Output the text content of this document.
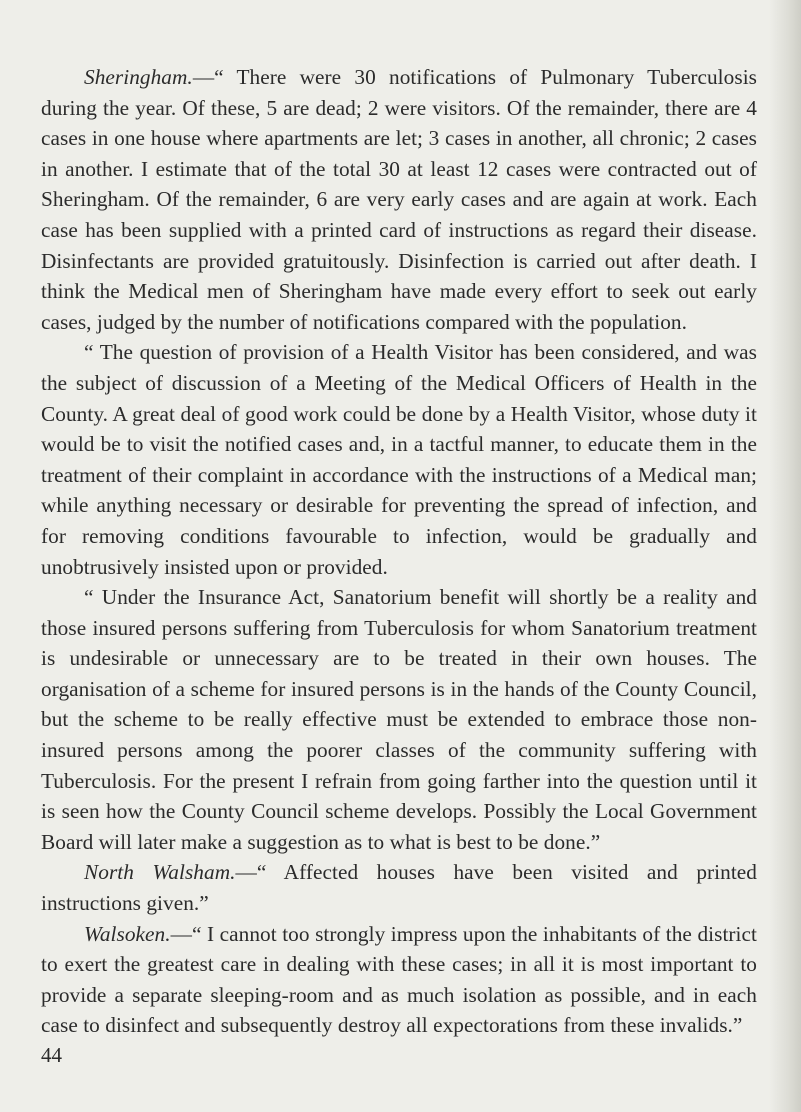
Sheringham.—“ There were 30 notifications of Pulmonary Tuberculosis during the year. Of these, 5 are dead; 2 were visitors. Of the remainder, there are 4 cases in one house where apartments are let; 3 cases in another, all chronic; 2 cases in another. I estimate that of the total 30 at least 12 cases were contracted out of Sheringham. Of the remainder, 6 are very early cases and are again at work. Each case has been supplied with a printed card of instructions as regard their disease. Disinfectants are provided gratuitously. Disinfection is carried out after death. I think the Medical men of Sheringham have made every effort to seek out early cases, judged by the number of notifications compared with the population.

“ The question of provision of a Health Visitor has been considered, and was the subject of discussion of a Meeting of the Medical Officers of Health in the County. A great deal of good work could be done by a Health Visitor, whose duty it would be to visit the notified cases and, in a tactful manner, to educate them in the treatment of their complaint in accordance with the instructions of a Medical man; while anything necessary or desirable for preventing the spread of infection, and for removing conditions favourable to infection, would be gradually and unobtrusively insisted upon or provided.

“ Under the Insurance Act, Sanatorium benefit will shortly be a reality and those insured persons suffering from Tuberculosis for whom Sanatorium treatment is undesirable or unnecessary are to be treated in their own houses. The organisation of a scheme for insured persons is in the hands of the County Council, but the scheme to be really effective must be extended to embrace those non-insured persons among the poorer classes of the community suffering with Tuberculosis. For the present I refrain from going farther into the question until it is seen how the County Council scheme develops. Possibly the Local Government Board will later make a suggestion as to what is best to be done.”

North Walsham.—“ Affected houses have been visited and printed instructions given.”

Walsoken.—“ I cannot too strongly impress upon the inhabitants of the district to exert the greatest care in dealing with these cases; in all it is most important to provide a separate sleeping-room and as much isolation as possible, and in each case to disinfect and subsequently destroy all expectorations from these invalids.”

44
